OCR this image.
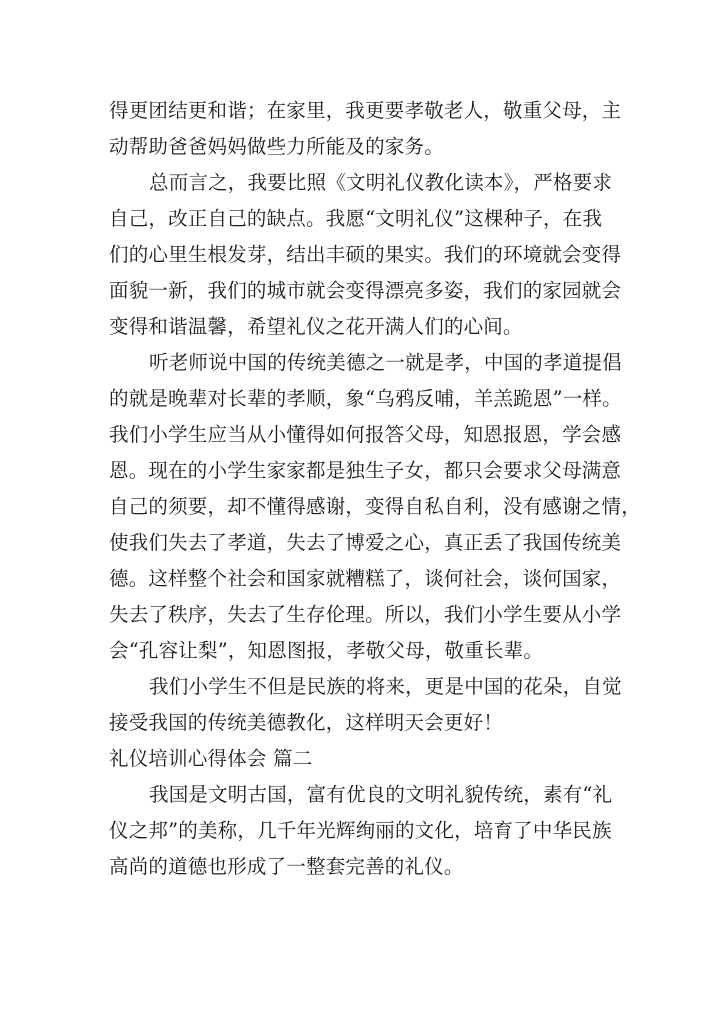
得更团结更和谐；在家里，我更要孝敬老人，敬重父母，主
动帮助爸爸妈妈做些力所能及的家务。
总而言之，我要比照《文明礼仪教化读本》，严格要求
自己，改正自己的缺点。我愿“文明礼仪”这棵种子，在我
们的心里生根发芽，结出丰硕的果实。我们的环境就会变得
面貌一新，我们的城市就会变得漂亮多姿，我们的家园就会
变得和谐温馨，希望礼仪之花开满人们的心间。
听老师说中国的传统美德之一就是孝，中国的孝道提倡
的就是晚辈对长辈的孝顺，象“乌鸦反哺，羊羔跪恩”一样。
我们小学生应当从小懂得如何报答父母，知恩报恩，学会感
恩。现在的小学生家家都是独生子女，都只会要求父母满意
自己的须要，却不懂得感谢，变得自私自利，没有感谢之情，
使我们失去了孝道，失去了博爱之心，真正丢了我国传统美
德。这样整个社会和国家就糟糕了，谈何社会，谈何国家，
失去了秩序，失去了生存伦理。所以，我们小学生要从小学
会“孔容让梨”，知恩图报，孝敬父母，敬重长辈。
我们小学生不但是民族的将来，更是中国的花朵，自觉
接受我国的传统美德教化，这样明天会更好！
礼仪培训心得体会 篇二
我国是文明古国，富有优良的文明礼貌传统，素有“礼
仪之邦”的美称，几千年光辉绚丽的文化，培育了中华民族
高尚的道德也形成了一整套完善的礼仪。
